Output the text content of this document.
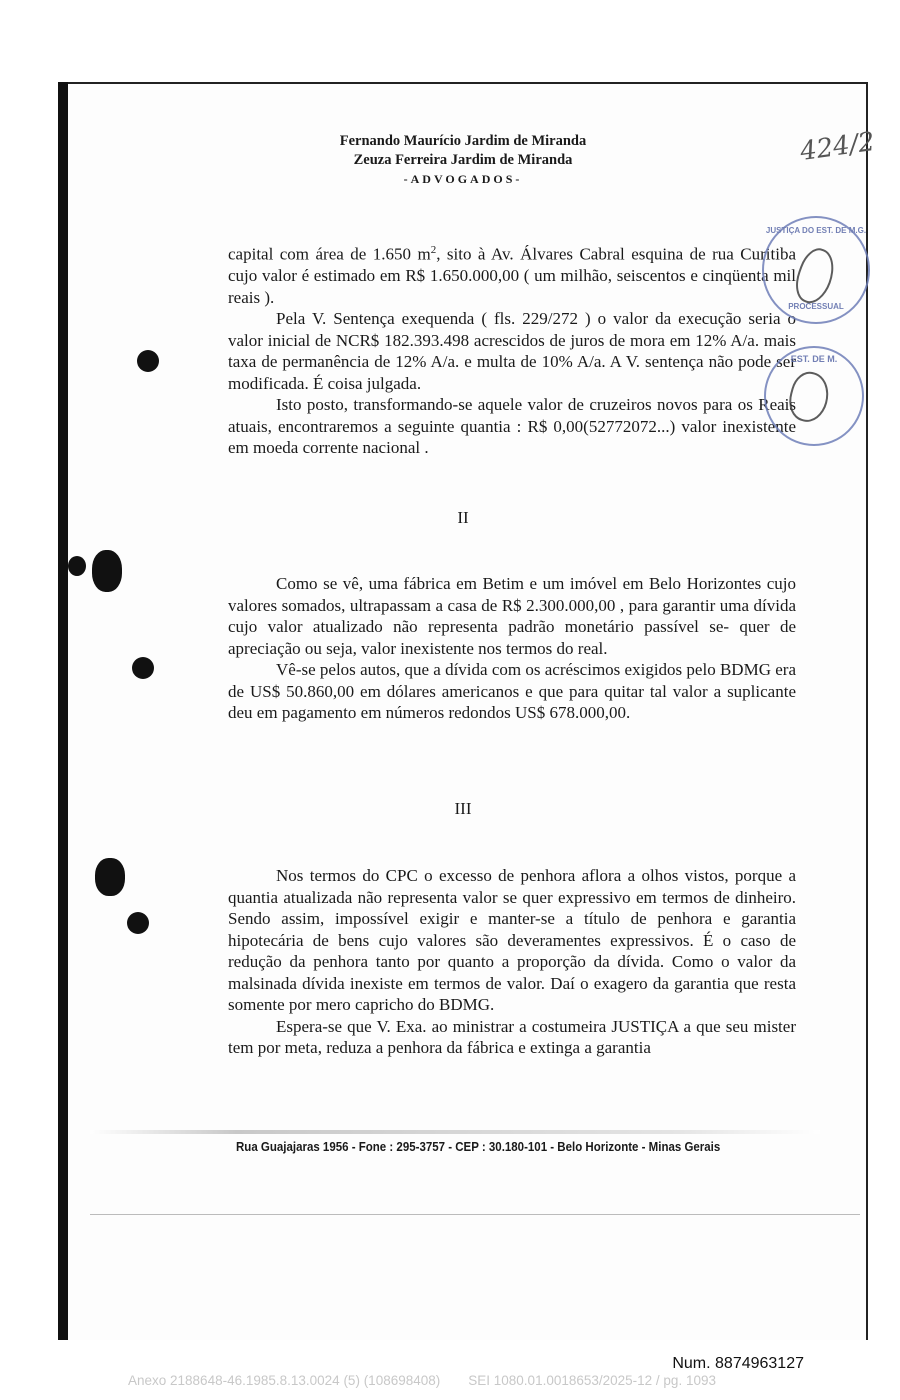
Fernando Maurício Jardim de Miranda
Zeuza Ferreira Jardim de Miranda
-ADVOGADOS-
424/2

capital com área de 1.650 $m^2$, sito à Av. Álvares Cabral esquina de rua Curitiba cujo valor é estimado em R$ 1.650.000,00 ( um milhão, seiscentos e cinqüenta mil reais ).

Pela V. Sentença exequenda ( fls. 229/272 ) o valor da execução seria o valor inicial de NCR$ 182.393.498 acrescidos de juros de mora em 12% A/a. mais taxa de permanência de 12% A/a. e multa de 10% A/a. A V. sentença não pode ser modificada. É coisa julgada.

Isto posto, transformando-se aquele valor de cruzeiros novos para os Reais atuais, encontraremos a seguinte quantia : R$ 0,00(52772072...) valor inexistente em moeda corrente nacional .

JUSTIÇA DO EST. DE M.G.
PROCESSUAL
EST. DE M.
II

Como se vê, uma fábrica em Betim e um imóvel em Belo Horizontes cujo valores somados, ultrapassam a casa de R$ 2.300.000,00 , para garantir uma dívida cujo valor atualizado não representa padrão monetário passível se- quer de apreciação ou seja, valor inexistente nos termos do real.

Vê-se pelos autos, que a dívida com os acréscimos exigidos pelo BDMG era de US$ 50.860,00 em dólares americanos e que para quitar tal valor a suplicante deu em pagamento em números redondos US$ 678.000,00.

III

Nos termos do CPC o excesso de penhora aflora a olhos vistos, porque a quantia atualizada não representa valor se quer expressivo em termos de dinheiro. Sendo assim, impossível exigir e manter-se a título de penhora e garantia hipotecária de bens cujo valores são deveramentes expressivos. É o caso de redução da penhora tanto por quanto a proporção da dívida. Como o valor da malsinada dívida inexiste em termos de valor. Daí o exagero da garantia que resta somente por mero capricho do BDMG.

Espera-se que V. Exa. ao ministrar a costumeira JUSTIÇA a que seu mister tem por meta, reduza a penhora da fábrica e extinga a garantia

Rua Guajajaras 1956 - Fone : 295-3757 - CEP : 30.180-101 - Belo Horizonte - Minas Gerais
Num. 8874963127
Anexo 2188648-46.1985.8.13.0024 (5) (108698408) SEI 1080.01.0018653/2025-12 / pg. 1093
